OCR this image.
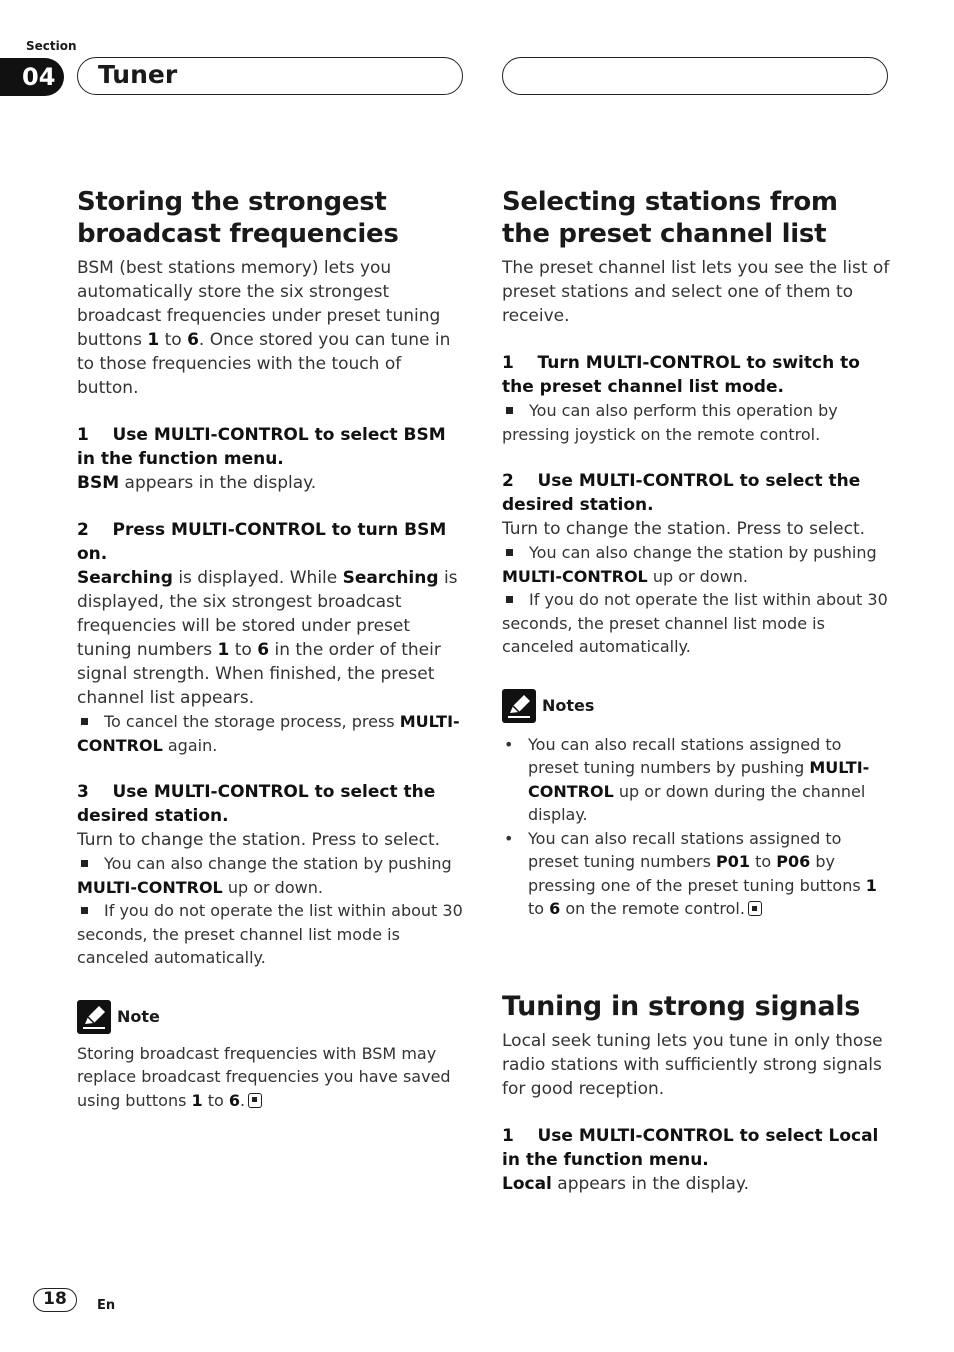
Section
04	Tuner
Storing the strongest broadcast frequencies

BSM (best stations memory) lets you automatically store the six strongest broadcast frequencies under preset tuning buttons 1 to 6. Once stored you can tune in to those frequencies with the touch of button.

1    Use MULTI-CONTROL to select BSM in the function menu.

BSM appears in the display.

2    Press MULTI-CONTROL to turn BSM on.

Searching is displayed. While Searching is displayed, the six strongest broadcast frequencies will be stored under preset tuning numbers 1 to 6 in the order of their signal strength. When finished, the preset channel list appears.

To cancel the storage process, press MULTI-CONTROL again.

3    Use MULTI-CONTROL to select the desired station.

Turn to change the station. Press to select.

You can also change the station by pushing MULTI-CONTROL up or down.
If you do not operate the list within about 30 seconds, the preset channel list mode is canceled automatically.
Note

Storing broadcast frequencies with BSM may replace broadcast frequencies you have saved using buttons 1 to 6.

Selecting stations from the preset channel list

The preset channel list lets you see the list of preset stations and select one of them to receive.

1    Turn MULTI-CONTROL to switch to the preset channel list mode.

You can also perform this operation by pressing joystick on the remote control.

2    Use MULTI-CONTROL to select the desired station.

Turn to change the station. Press to select.

You can also change the station by pushing MULTI-CONTROL up or down.
If you do not operate the list within about 30 seconds, the preset channel list mode is canceled automatically.
Notes
• You can also recall stations assigned to preset tuning numbers by pushing MULTI-CONTROL up or down during the channel display.
• You can also recall stations assigned to preset tuning numbers P01 to P06 by pressing one of the preset tuning buttons 1 to 6 on the remote control.
Tuning in strong signals

Local seek tuning lets you tune in only those radio stations with sufficiently strong signals for good reception.

1    Use MULTI-CONTROL to select Local in the function menu.

Local appears in the display.

18	En
